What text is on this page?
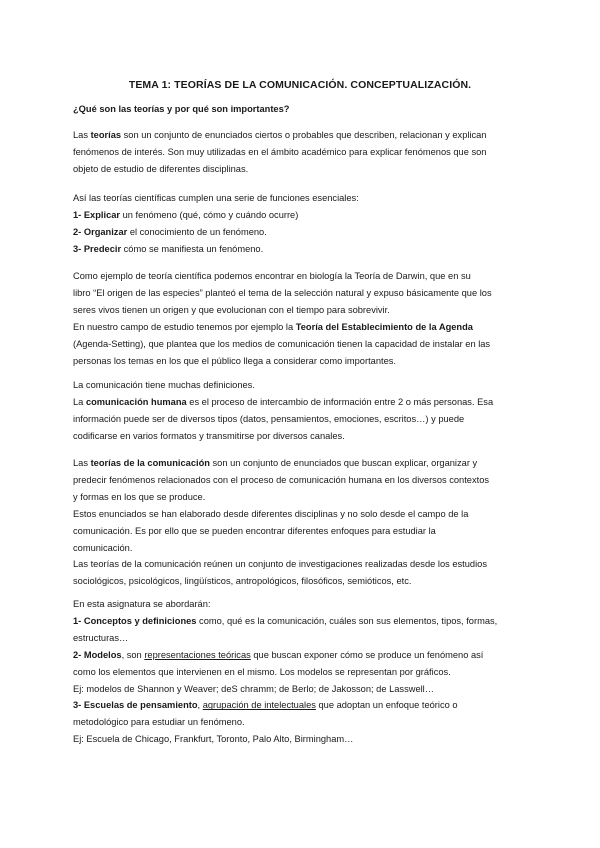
TEMA 1: TEORÍAS DE LA COMUNICACIÓN. CONCEPTUALIZACIÓN.

¿Qué son las teorías y por qué son importantes?

Las teorías son un conjunto de enunciados ciertos o probables que describen, relacionan y explican

fenómenos de interés. Son muy utilizadas en el ámbito académico para explicar fenómenos que son

objeto de estudio de diferentes disciplinas.

Así las teorías científicas cumplen una serie de funciones esenciales:

1- Explicar un fenómeno (qué, cómo y cuándo ocurre)

2- Organizar el conocimiento de un fenómeno.

3- Predecir cómo se manifiesta un fenómeno.

Como ejemplo de teoría científica podemos encontrar en biología la Teoría de Darwin, que en su

libro “El origen de las especies” planteó el tema de la selección natural y expuso básicamente que los

seres vivos tienen un origen y que evolucionan con el tiempo para sobrevivir.

En nuestro campo de estudio tenemos por ejemplo la Teoría del Establecimiento de la Agenda

(Agenda-Setting), que plantea que los medios de comunicación tienen la capacidad de instalar en las

personas los temas en los que el público llega a considerar como importantes.

La comunicación tiene muchas definiciones.

La comunicación humana es el proceso de intercambio de información entre 2 o más personas. Esa

información puede ser de diversos tipos (datos, pensamientos, emociones, escritos…) y puede

codificarse en varios formatos y transmitirse por diversos canales.

Las teorías de la comunicación son un conjunto de enunciados que buscan explicar, organizar y

predecir fenómenos relacionados con el proceso de comunicación humana en los diversos contextos

y formas en los que se produce.

Estos enunciados se han elaborado desde diferentes disciplinas y no solo desde el campo de la

comunicación. Es por ello que se pueden encontrar diferentes enfoques para estudiar la

comunicación.

Las teorías de la comunicación reúnen un conjunto de investigaciones realizadas desde los estudios

sociológicos, psicológicos, lingüísticos, antropológicos, filosóficos, semióticos, etc.

En esta asignatura se abordarán:

1- Conceptos y definiciones como, qué es la comunicación, cuáles son sus elementos, tipos, formas,

estructuras…

2- Modelos, son representaciones teóricas que buscan exponer cómo se produce un fenómeno así

como los elementos que intervienen en el mismo. Los modelos se representan por gráficos.

Ej: modelos de Shannon y Weaver; deS chramm; de Berlo; de Jakosson; de Lasswell…

3- Escuelas de pensamiento, agrupación de intelectuales que adoptan un enfoque teórico o

metodológico para estudiar un fenómeno.

Ej: Escuela de Chicago, Frankfurt, Toronto, Palo Alto, Birmingham…
